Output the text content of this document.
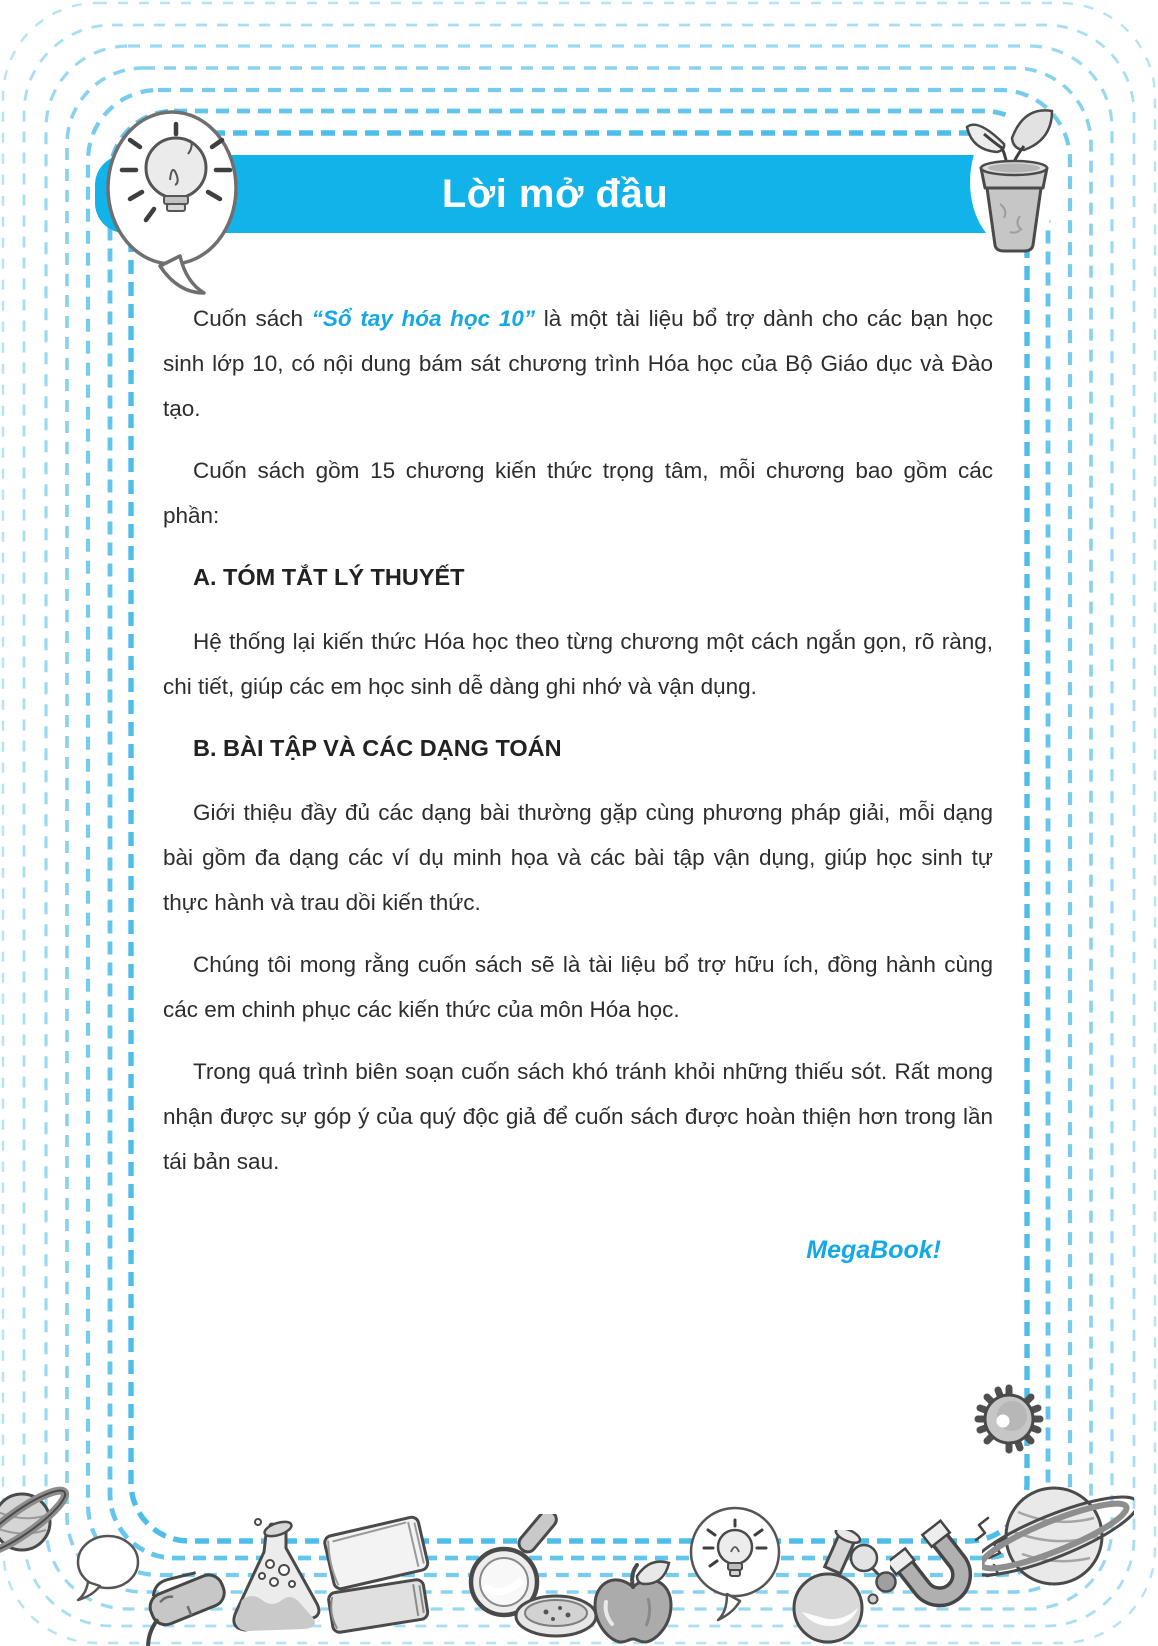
Lời mở đầu

Cuốn sách “Sổ tay hóa học 10” là một tài liệu bổ trợ dành cho các bạn học sinh lớp 10, có nội dung bám sát chương trình Hóa học của Bộ Giáo dục và Đào tạo.

Cuốn sách gồm 15 chương kiến thức trọng tâm, mỗi chương bao gồm các phần:

A. TÓM TẮT LÝ THUYẾT

Hệ thống lại kiến thức Hóa học theo từng chương một cách ngắn gọn, rõ ràng, chi tiết, giúp các em học sinh dễ dàng ghi nhớ và vận dụng.

B. BÀI TẬP VÀ CÁC DẠNG TOÁN

Giới thiệu đầy đủ các dạng bài thường gặp cùng phương pháp giải, mỗi dạng bài gồm đa dạng các ví dụ minh họa và các bài tập vận dụng, giúp học sinh tự thực hành và trau dồi kiến thức.

Chúng tôi mong rằng cuốn sách sẽ là tài liệu bổ trợ hữu ích, đồng hành cùng các em chinh phục các kiến thức của môn Hóa học.

Trong quá trình biên soạn cuốn sách khó tránh khỏi những thiếu sót. Rất mong nhận được sự góp ý của quý độc giả để cuốn sách được hoàn thiện hơn trong lần tái bản sau.

MegaBook!
